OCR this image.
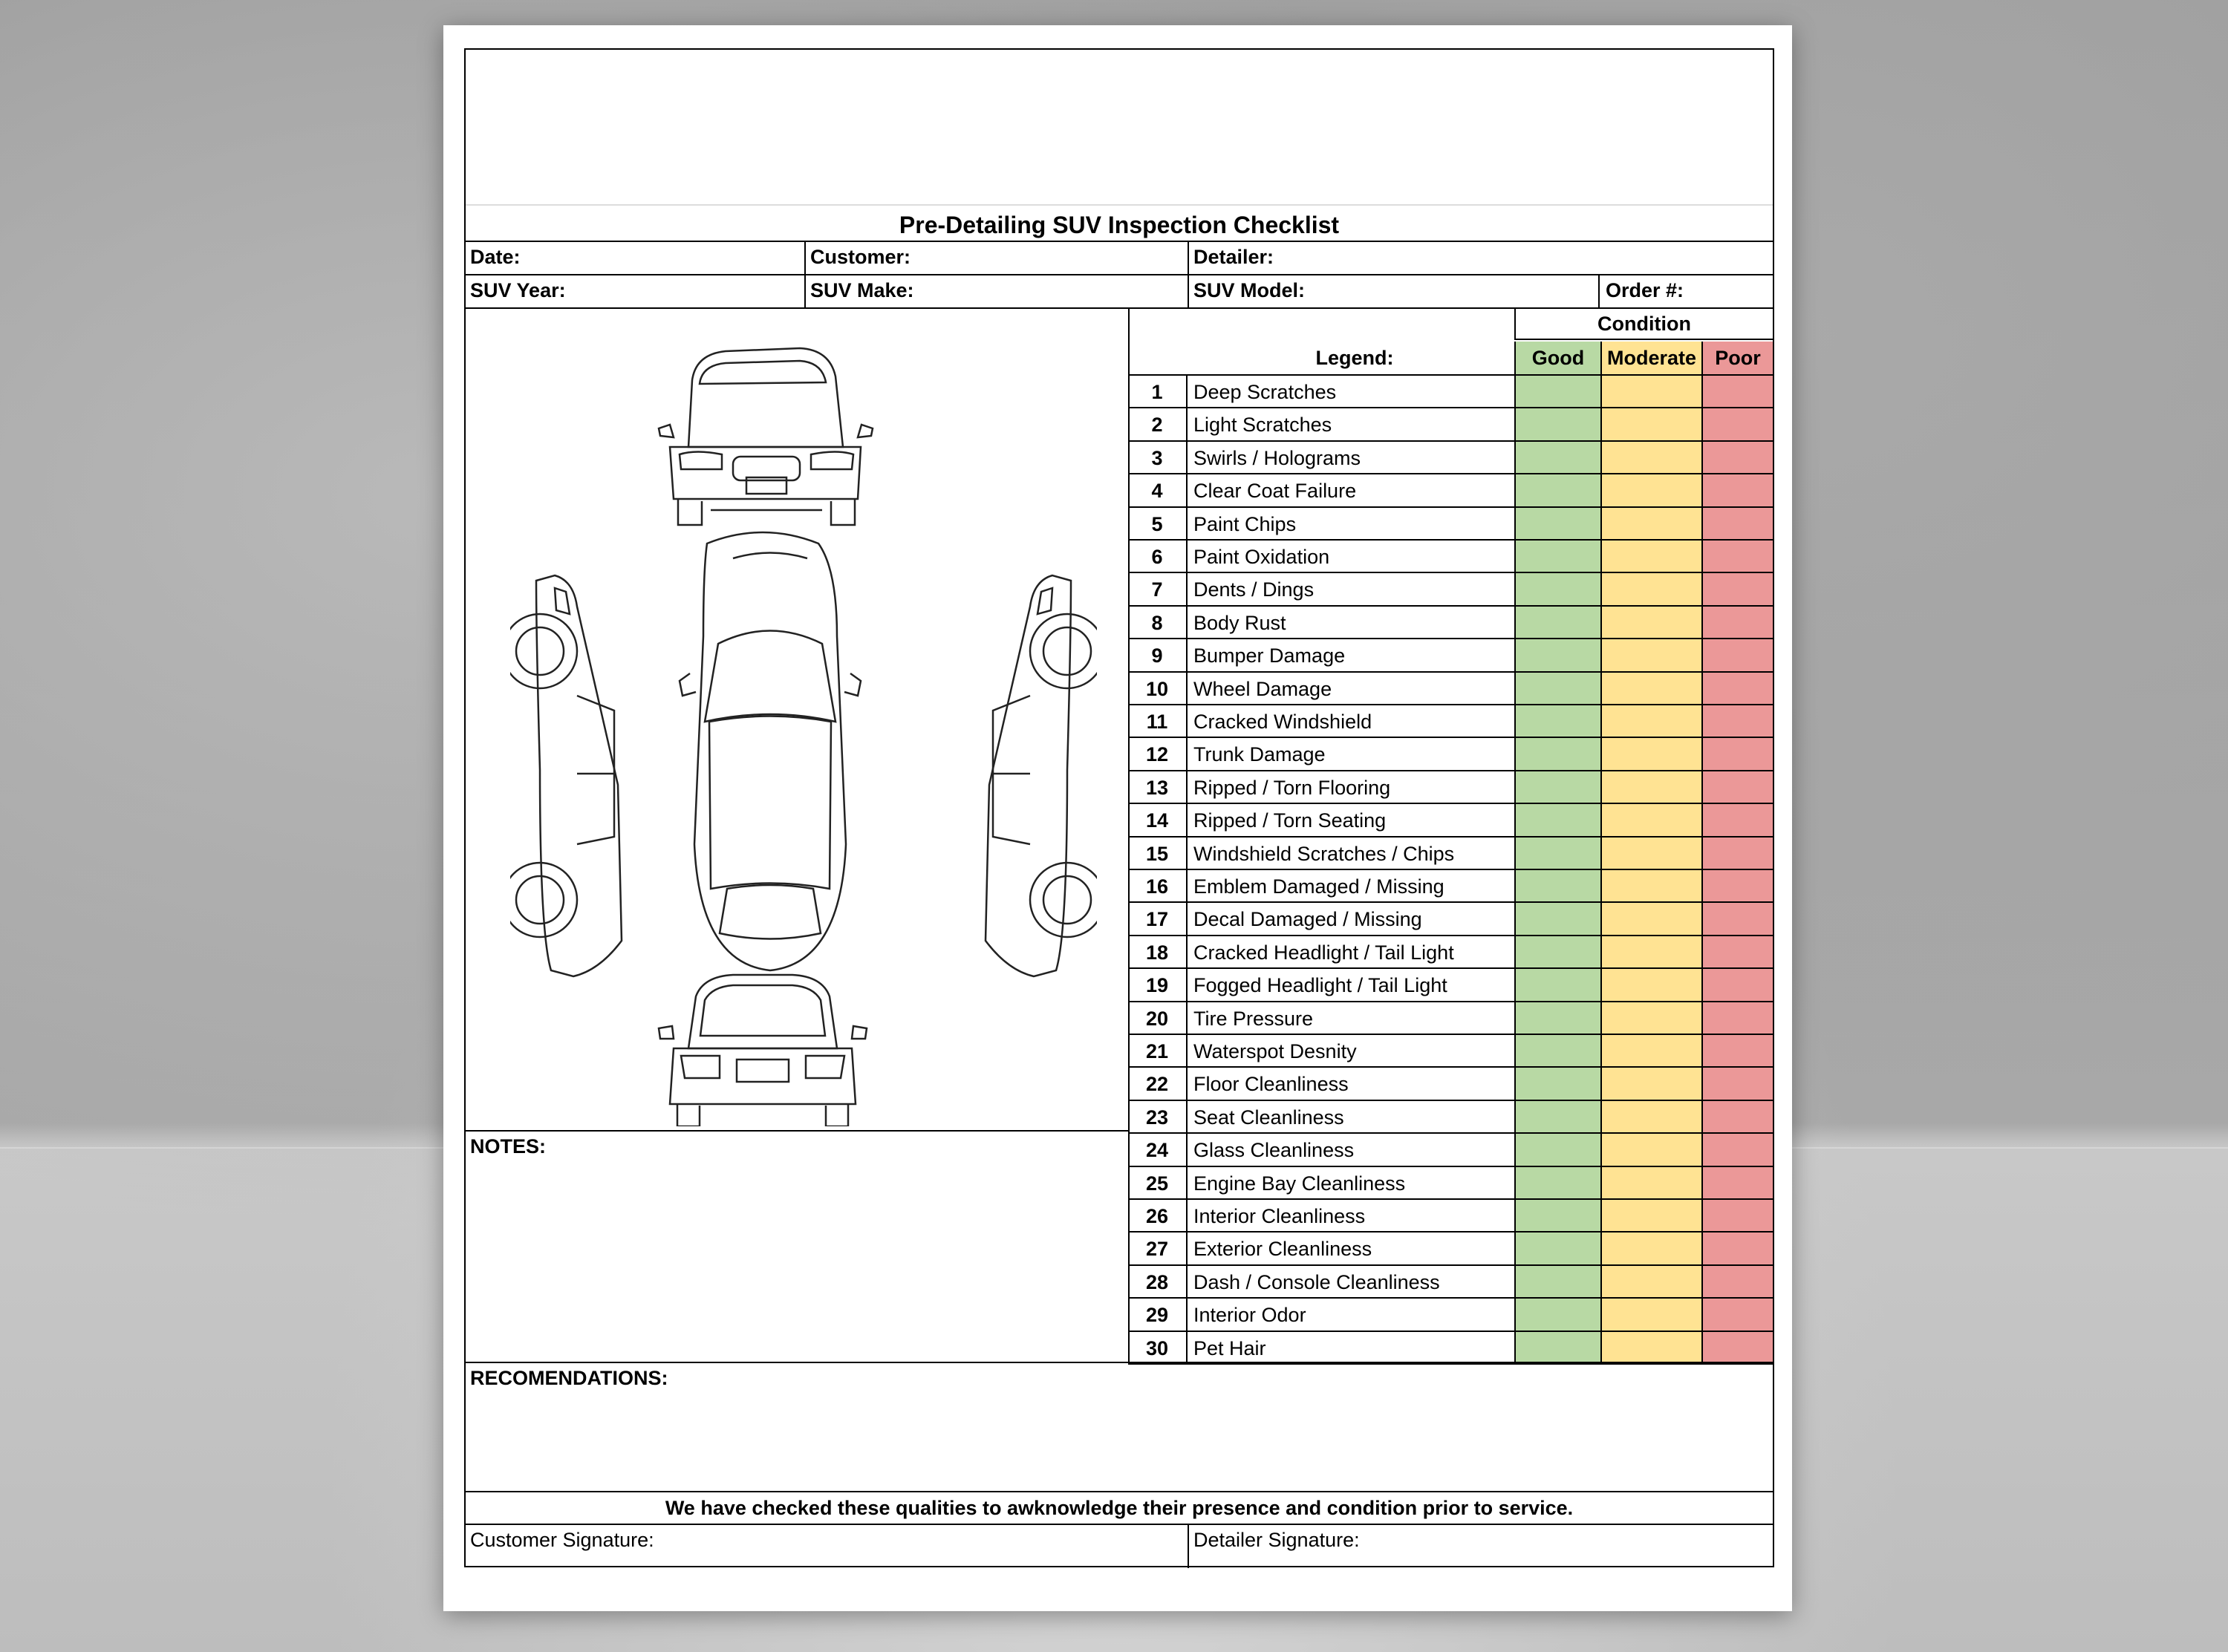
Pre-Detailing SUV Inspection Checklist
Date:	Customer:	Detailer:
SUV Year:	SUV Make:	SUV Model:	Order #:
NOTES:
Condition
Legend:	Good	Moderate Poor
1	Deep Scratches
2	Light Scratches
3	Swirls / Holograms
4	Clear Coat Failure
5	Paint Chips
6	Paint Oxidation
7	Dents / Dings
8	Body Rust
9	Bumper Damage
10	Wheel Damage
11	Cracked Windshield
12	Trunk Damage
13	Ripped / Torn Flooring
14	Ripped / Torn Seating
15	Windshield Scratches / Chips
16	Emblem Damaged / Missing
17	Decal Damaged / Missing
18	Cracked Headlight / Tail Light
19	Fogged Headlight / Tail Light
20	Tire Pressure
21	Waterspot Desnity
22	Floor Cleanliness
23	Seat Cleanliness
24	Glass Cleanliness
25	Engine Bay Cleanliness
26	Interior Cleanliness
27	Exterior Cleanliness
28	Dash / Console Cleanliness
29	Interior Odor
30	Pet Hair
RECOMENDATIONS:
We have checked these qualities to awknowledge their presence and condition prior to service.
Customer Signature:	Detailer Signature:
